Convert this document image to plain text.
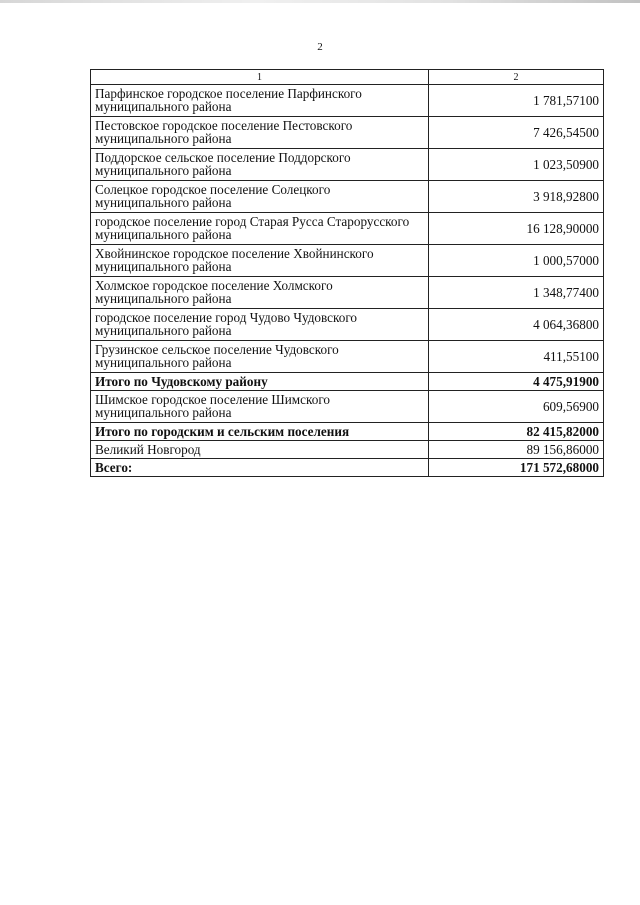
2
1	2
Парфинское городское поселение Парфинского муниципального района	1 781,57100
Пестовское городское поселение Пестовского муниципального района	7 426,54500
Поддорское сельское поселение Поддорского муниципального района	1 023,50900
Солецкое городское поселение Солецкого муниципального района	3 918,92800
городское поселение город Старая Русса Старорусского муниципального района	16 128,90000
Хвойнинское городское поселение Хвойнинского муниципального района	1 000,57000
Холмское городское поселение Холмского муниципального района	1 348,77400
городское поселение город Чудово Чудовского муниципального района	4 064,36800
Грузинское сельское поселение Чудовского муниципального района	411,55100
Итого по Чудовскому району	4 475,91900
Шимское городское поселение Шимского муниципального района	609,56900
Итого по городским и сельским поселения	82 415,82000
Великий Новгород	89 156,86000
Всего:	171 572,68000
